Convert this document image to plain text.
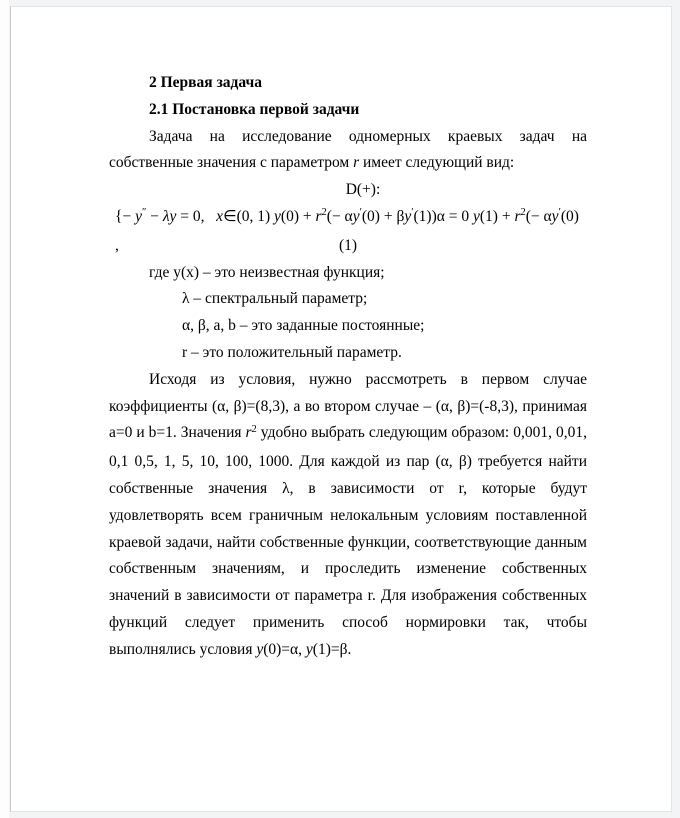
2 Первая задача

2.1 Постановка первой задачи

Задача на исследование одномерных краевых задач на собственные значения с параметром r имеет следующий вид:

D(+):

{− y″ − λy = 0,   x∈(0, 1) $y(0) + r^2(- \alpha y'(0) + \beta y'(1))\alpha = 0$ $y(1) + r^2(- \alpha y'(0)$
,	(1)

где y(x) – это неизвестная функция;

λ – спектральный параметр;

α, β, a, b – это заданные постоянные;

r – это положительный параметр.

Исходя из условия, нужно рассмотреть в первом случае коэффициенты (α, β)=(8,3), а во втором случае – (α, β)=(-8,3), принимая a=0 и b=1. Значения $r^2$ удобно выбрать следующим образом: 0,001, 0,01, 0,1 0,5, 1, 5, 10, 100, 1000. Для каждой из пар (α, β) требуется найти собственные значения λ, в зависимости от r, которые будут удовлетворять всем граничным нелокальным условиям поставленной краевой задачи, найти собственные функции, соответствующие данным собственным значениям, и проследить изменение собственных значений в зависимости от параметра r. Для изображения собственных функций следует применить способ нормировки так, чтобы выполнялись условия y(0)=α, y(1)=β.
